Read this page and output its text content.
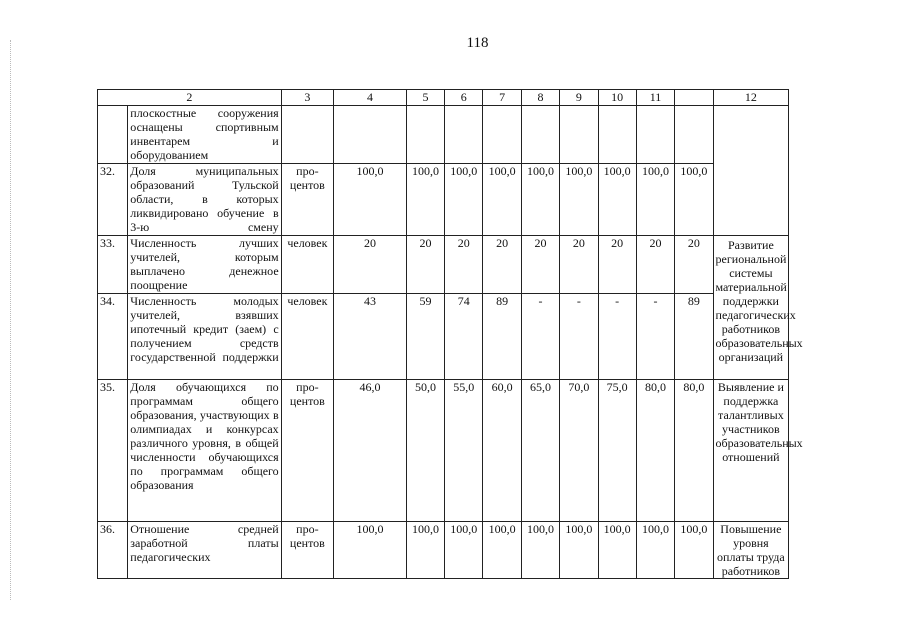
118
2		3	4	5	6	7	8	9	10	11		12
	плоскостные сооружения оснащены спортивным инвентарем и оборудованием											
32.	Доля муниципальных образований Тульской области, в которых ликвидировано обучение в 3-ю смену	про-центов	100,0	100,0	100,0	100,0	100,0	100,0	100,0	100,0	100,0	
33.	Численность лучших учителей, которым выплачено денежное поощрение	человек	20	20	20	20	20	20	20	20	20	Развитие региональной системы материальной поддержки педагогических работников образовательных организаций
34.	Численность молодых учителей, взявших ипотечный кредит (заем) с получением средств государственной поддержки	человек	43	59	74	89	-	-	-	-	89	
35.	Доля обучающихся по программам общего образования, участвующих в олимпиадах и конкурсах различного уровня, в общей численности обучающихся по программам общего образования	про-центов	46,0	50,0	55,0	60,0	65,0	70,0	75,0	80,0	80,0	Выявление и поддержка талантливых участников образовательных отношений
36.	Отношение средней заработной платы педагогических	про-центов	100,0	100,0	100,0	100,0	100,0	100,0	100,0	100,0	100,0	Повышение уровня оплаты труда работников
